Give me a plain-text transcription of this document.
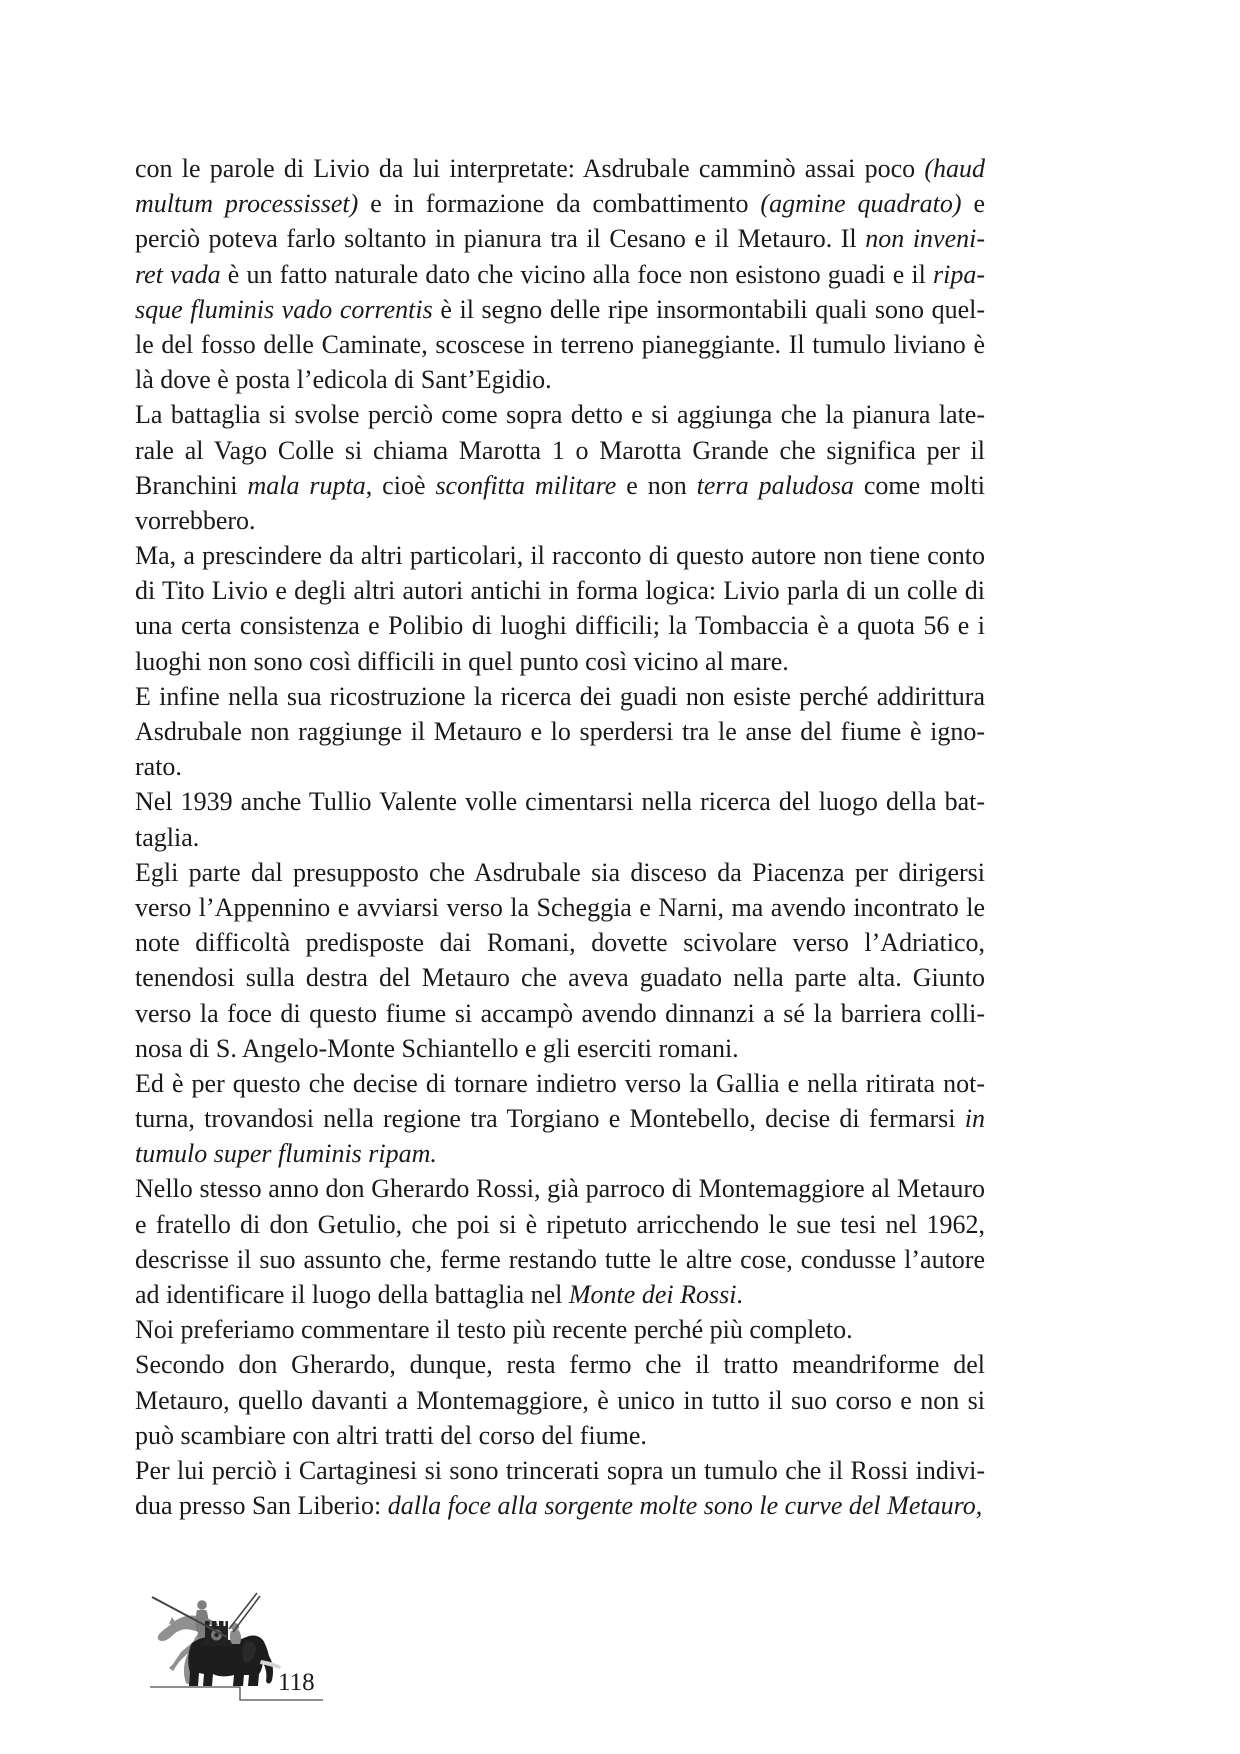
con le parole di Livio da lui interpretate: Asdrubale camminò assai poco (haud
multum processisset) e in formazione da combattimento (agmine quadrato) e
perciò poteva farlo soltanto in pianura tra il Cesano e il Metauro. Il non inveni-
ret vada è un fatto naturale dato che vicino alla foce non esistono guadi e il ripa-
sque fluminis vado correntis è il segno delle ripe insormontabili quali sono quel-
le del fosso delle Caminate, scoscese in terreno pianeggiante. Il tumulo liviano è
là dove è posta l’edicola di Sant’Egidio.
La battaglia si svolse perciò come sopra detto e si aggiunga che la pianura late-
rale al Vago Colle si chiama Marotta 1 o Marotta Grande che significa per il
Branchini mala rupta, cioè sconfitta militare e non terra paludosa come molti
vorrebbero.
Ma, a prescindere da altri particolari, il racconto di questo autore non tiene conto
di Tito Livio e degli altri autori antichi in forma logica: Livio parla di un colle di
una certa consistenza e Polibio di luoghi difficili; la Tombaccia è a quota 56 e i
luoghi non sono così difficili in quel punto così vicino al mare.
E infine nella sua ricostruzione la ricerca dei guadi non esiste perché addirittura
Asdrubale non raggiunge il Metauro e lo sperdersi tra le anse del fiume è igno-
rato.
Nel 1939 anche Tullio Valente volle cimentarsi nella ricerca del luogo della bat-
taglia.
Egli parte dal presupposto che Asdrubale sia disceso da Piacenza per dirigersi
verso l’Appennino e avviarsi verso la Scheggia e Narni, ma avendo incontrato le
note difficoltà predisposte dai Romani, dovette scivolare verso l’Adriatico,
tenendosi sulla destra del Metauro che aveva guadato nella parte alta. Giunto
verso la foce di questo fiume si accampò avendo dinnanzi a sé la barriera colli-
nosa di S. Angelo-Monte Schiantello e gli eserciti romani.
Ed è per questo che decise di tornare indietro verso la Gallia e nella ritirata not-
turna, trovandosi nella regione tra Torgiano e Montebello, decise di fermarsi in
tumulo super fluminis ripam.
Nello stesso anno don Gherardo Rossi, già parroco di Montemaggiore al Metauro
e fratello di don Getulio, che poi si è ripetuto arricchendo le sue tesi nel 1962,
descrisse il suo assunto che, ferme restando tutte le altre cose, condusse l’autore
ad identificare il luogo della battaglia nel Monte dei Rossi.
Noi preferiamo commentare il testo più recente perché più completo.
Secondo don Gherardo, dunque, resta fermo che il tratto meandriforme del
Metauro, quello davanti a Montemaggiore, è unico in tutto il suo corso e non si
può scambiare con altri tratti del corso del fiume.
Per lui perciò i Cartaginesi si sono trincerati sopra un tumulo che il Rossi indivi-
dua presso San Liberio: dalla foce alla sorgente molte sono le curve del Metauro,
118
